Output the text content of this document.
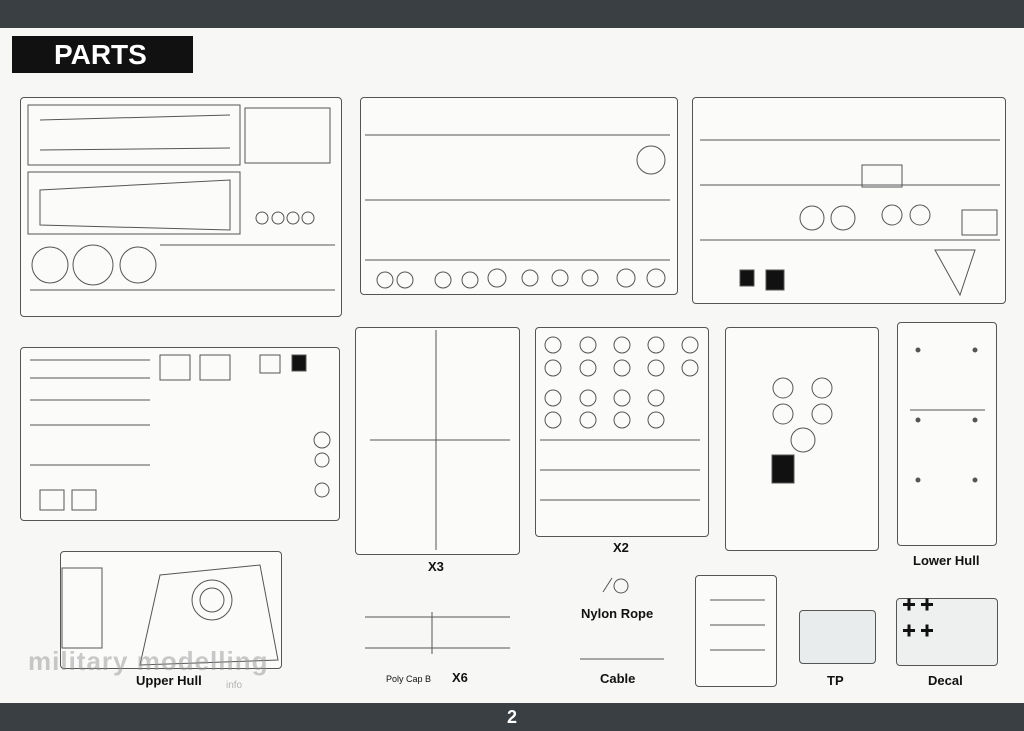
2
PARTS
X3
X2
Lower Hull
Upper Hull	Poly Cap B X6
Nylon Rope
Cable	TP	Decal
military modelling
info
